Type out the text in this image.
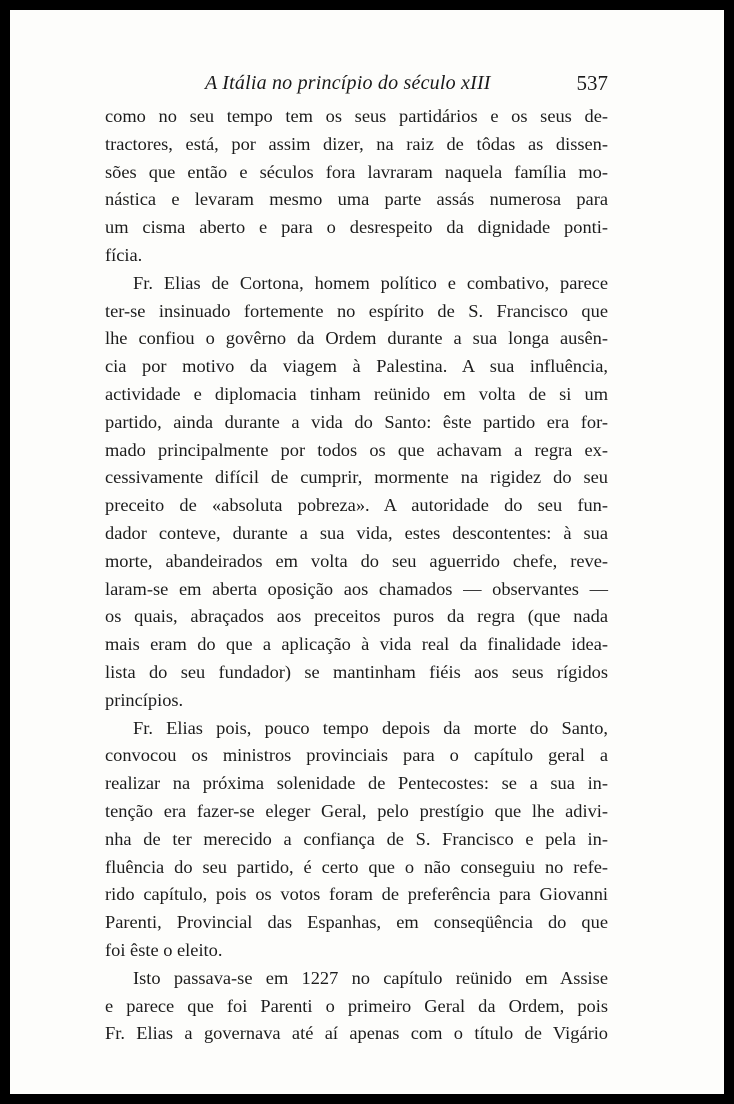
A Itália no princípio do século xIII	537
como no seu tempo tem os seus partidários e os seus de-
tractores, está, por assim dizer, na raiz de tôdas as dissen-
sões que então e séculos fora lavraram naquela família mo-
nástica e levaram mesmo uma parte assás numerosa para
um cisma aberto e para o desrespeito da dignidade ponti-
fícia.
Fr. Elias de Cortona, homem político e combativo, parece
ter-se insinuado fortemente no espírito de S. Francisco que
lhe confiou o govêrno da Ordem durante a sua longa ausên-
cia por motivo da viagem à Palestina. A sua influência,
actividade e diplomacia tinham reünido em volta de si um
partido, ainda durante a vida do Santo: êste partido era for-
mado principalmente por todos os que achavam a regra ex-
cessivamente difícil de cumprir, mormente na rigidez do seu
preceito de «absoluta pobreza». A autoridade do seu fun-
dador conteve, durante a sua vida, estes descontentes: à sua
morte, abandeirados em volta do seu aguerrido chefe, reve-
laram-se em aberta oposição aos chamados — observantes —
os quais, abraçados aos preceitos puros da regra (que nada
mais eram do que a aplicação à vida real da finalidade idea-
lista do seu fundador) se mantinham fiéis aos seus rígidos
princípios.
Fr. Elias pois, pouco tempo depois da morte do Santo,
convocou os ministros provinciais para o capítulo geral a
realizar na próxima solenidade de Pentecostes: se a sua in-
tenção era fazer-se eleger Geral, pelo prestígio que lhe adivi-
nha de ter merecido a confiança de S. Francisco e pela in-
fluência do seu partido, é certo que o não conseguiu no refe-
rido capítulo, pois os votos foram de preferência para Giovanni
Parenti, Provincial das Espanhas, em conseqüência do que
foi êste o eleito.
Isto passava-se em 1227 no capítulo reünido em Assise
e parece que foi Parenti o primeiro Geral da Ordem, pois
Fr. Elias a governava até aí apenas com o título de Vigário
